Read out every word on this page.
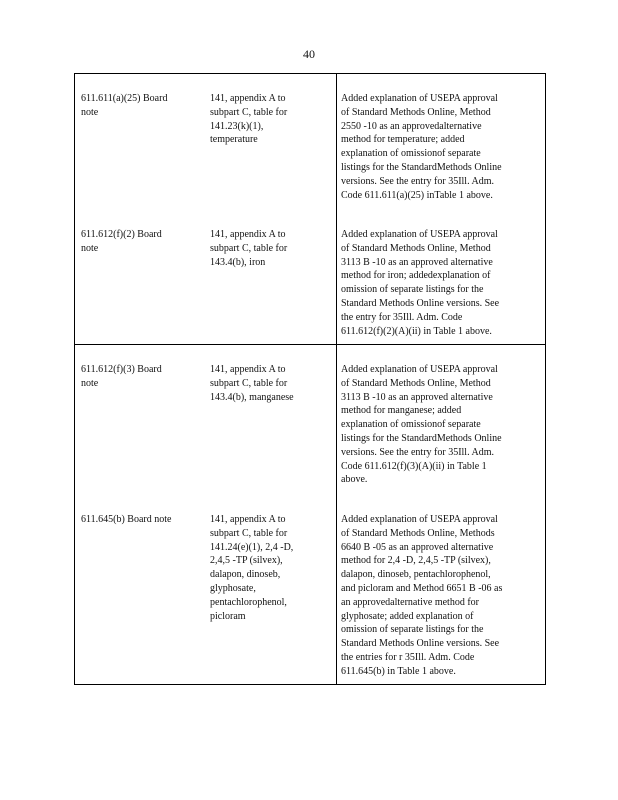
40

611.611(a)(25) Board
note

141, appendix A to
subpart C, table for
141.23(k)(1),
temperature

Added explanation of USEPA approval
of Standard Methods Online, Method
2550 -10 as an approvedalternative
method for temperature; added
explanation of omissionof separate
listings for the StandardMethods Online
versions. See the entry for 35Ill. Adm.
Code 611.611(a)(25) inTable 1 above.

611.612(f)(2) Board
note

141, appendix A to
subpart C, table for
143.4(b), iron

Added explanation of USEPA approval
of Standard Methods Online, Method
3113 B -10 as an approved alternative
method for iron; addedexplanation of
omission of separate listings for the
Standard Methods Online versions. See
the entry for 35Ill. Adm. Code
611.612(f)(2)(A)(ii) in Table 1 above.

611.612(f)(3) Board
note

141, appendix A to
subpart C, table for
143.4(b), manganese

Added explanation of USEPA approval
of Standard Methods Online, Method
3113 B -10 as an approved alternative
method for manganese; added
explanation of omissionof separate
listings for the StandardMethods Online
versions. See the entry for 35Ill. Adm.
Code 611.612(f)(3)(A)(ii) in Table 1
above.

611.645(b) Board note	141, appendix A to
subpart C, table for
141.24(e)(1), 2,4 -D,
2,4,5 -TP (silvex),
dalapon, dinoseb,
glyphosate,
pentachlorophenol,
picloram

Added explanation of USEPA approval
of Standard Methods Online, Methods
6640 B -05 as an approved alternative
method for 2,4 -D, 2,4,5 -TP (silvex),
dalapon, dinoseb, pentachlorophenol,
and picloram and Method 6651 B -06 as
an approvedalternative method for
glyphosate; added explanation of
omission of separate listings for the
Standard Methods Online versions. See
the entries for r 35Ill. Adm. Code
611.645(b) in Table 1 above.
